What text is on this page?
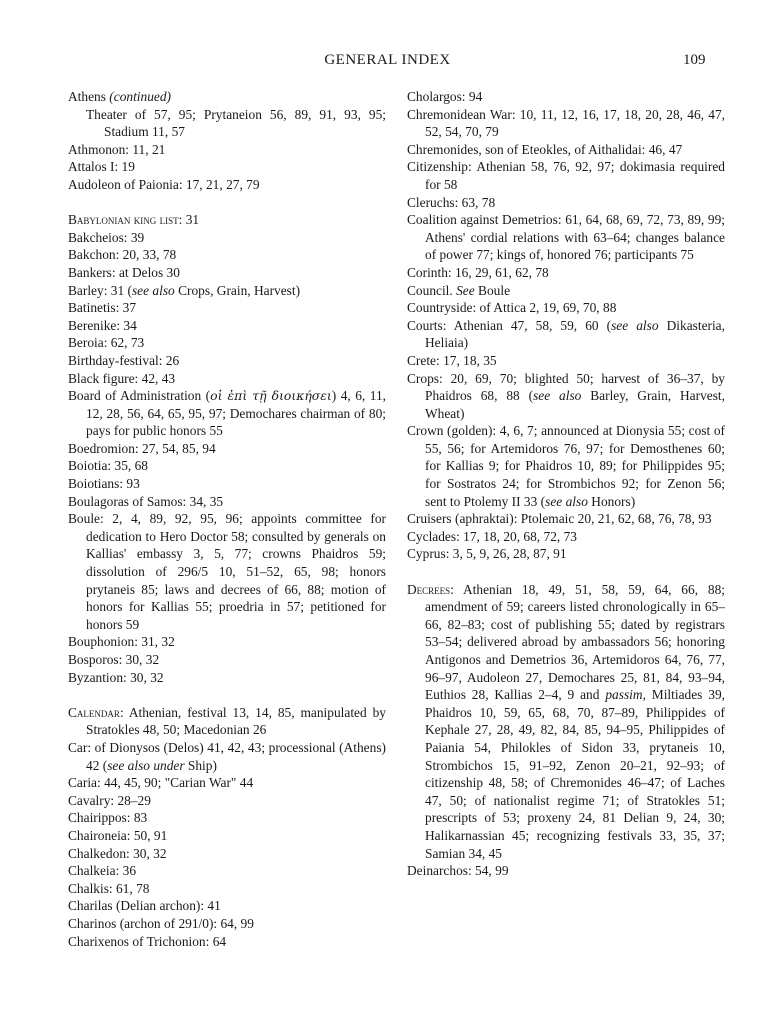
GENERAL INDEX	109
Athens (continued)
Theater of 57, 95; Prytaneion 56, 89, 91, 93, 95; Stadium 11, 57
Athmonon: 11, 21
Attalos I: 19
Audoleon of Paionia: 17, 21, 27, 79
Babylonian king list: 31
Bakcheios: 39
Bakchon: 20, 33, 78
Bankers: at Delos 30
Barley: 31 (see also Crops, Grain, Harvest)
Batinetis: 37
Berenike: 34
Beroia: 62, 73
Birthday-festival: 26
Black figure: 42, 43
Board of Administration (οἱ ἐπὶ τῇ διοικήσει) 4, 6, 11, 12, 28, 56, 64, 65, 95, 97; Demochares chairman of 80; pays for public honors 55
Boedromion: 27, 54, 85, 94
Boiotia: 35, 68
Boiotians: 93
Boulagoras of Samos: 34, 35
Boule: 2, 4, 89, 92, 95, 96; appoints committee for dedication to Hero Doctor 58; consulted by generals on Kallias' embassy 3, 5, 77; crowns Phaidros 59; dissolution of 296/5 10, 51–52, 65, 98; honors prytaneis 85; laws and decrees of 66, 88; motion of honors for Kallias 55; proedria in 57; petitioned for honors 59
Bouphonion: 31, 32
Bosporos: 30, 32
Byzantion: 30, 32
Calendar: Athenian, festival 13, 14, 85, manipulated by Stratokles 48, 50; Macedonian 26
Car: of Dionysos (Delos) 41, 42, 43; processional (Athens) 42 (see also under Ship)
Caria: 44, 45, 90; "Carian War" 44
Cavalry: 28–29
Chairippos: 83
Chaironeia: 50, 91
Chalkedon: 30, 32
Chalkeia: 36
Chalkis: 61, 78
Charilas (Delian archon): 41
Charinos (archon of 291/0): 64, 99
Charixenos of Trichonion: 64
Cholargos: 94
Chremonidean War: 10, 11, 12, 16, 17, 18, 20, 28, 46, 47, 52, 54, 70, 79
Chremonides, son of Eteokles, of Aithalidai: 46, 47
Citizenship: Athenian 58, 76, 92, 97; dokimasia required for 58
Cleruchs: 63, 78
Coalition against Demetrios: 61, 64, 68, 69, 72, 73, 89, 99; Athens' cordial relations with 63–64; changes balance of power 77; kings of, honored 76; participants 75
Corinth: 16, 29, 61, 62, 78
Council. See Boule
Countryside: of Attica 2, 19, 69, 70, 88
Courts: Athenian 47, 58, 59, 60 (see also Dikasteria, Heliaia)
Crete: 17, 18, 35
Crops: 20, 69, 70; blighted 50; harvest of 36–37, by Phaidros 68, 88 (see also Barley, Grain, Harvest, Wheat)
Crown (golden): 4, 6, 7; announced at Dionysia 55; cost of 55, 56; for Artemidoros 76, 97; for Demosthenes 60; for Kallias 9; for Phaidros 10, 89; for Philippides 95; for Sostratos 24; for Strombichos 92; for Zenon 56; sent to Ptolemy II 33 (see also Honors)
Cruisers (aphraktai): Ptolemaic 20, 21, 62, 68, 76, 78, 93
Cyclades: 17, 18, 20, 68, 72, 73
Cyprus: 3, 5, 9, 26, 28, 87, 91
Decrees: Athenian 18, 49, 51, 58, 59, 64, 66, 88; amendment of 59; careers listed chronologically in 65–66, 82–83; cost of publishing 55; dated by registrars 53–54; delivered abroad by ambassadors 56; honoring Antigonos and Demetrios 36, Artemidoros 64, 76, 77, 96–97, Audoleon 27, Demochares 25, 81, 84, 93–94, Euthios 28, Kallias 2–4, 9 and passim, Miltiades 39, Phaidros 10, 59, 65, 68, 70, 87–89, Philippides of Kephale 27, 28, 49, 82, 84, 85, 94–95, Philippides of Paiania 54, Philokles of Sidon 33, prytaneis 10, Strombichos 15, 91–92, Zenon 20–21, 92–93; of citizenship 48, 58; of Chremonides 46–47; of Laches 47, 50; of nationalist regime 71; of Stratokles 51; prescripts of 53; proxeny 24, 81 Delian 9, 24, 30; Halikarnassian 45; recognizing festivals 33, 35, 37; Samian 34, 45
Deinarchos: 54, 99
